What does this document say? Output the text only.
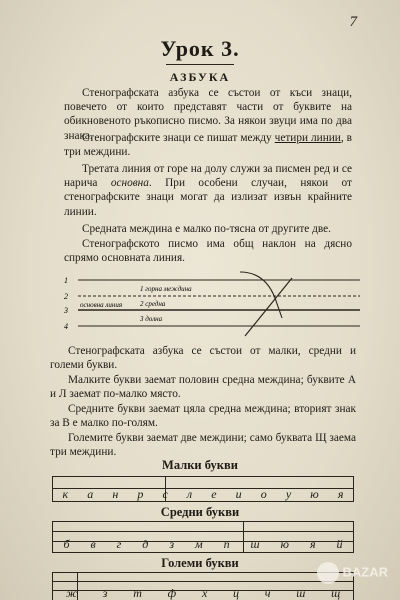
7
Урок 3.
АЗБУКА
Стенографската азбука се състои от къси знаци, повечето от които представят части от буквите на обикновеното ръкописно писмо. За някои звуци има по два знака.
Стенографските знаци се пишат между четири линии, в три междини.
Третата линия от горе на долу служи за писмен ред и се нарича основна. При особени случаи, някои от стенографските знаци могат да излизат извън крайните линии.
Средната междина е малко по-тясна от другите две.
Стенографското писмо има общ наклон на дясно спрямо основната линия.
1
2
3
4
1 горна междина
2 средна
3 долна
основна линия
Стенографската азбука се състои от малки, средни и големи букви.
Малките букви заемат половин средна междина; буквите А и Л заемат по-малко място.
Средните букви заемат цяла средна междина; вторият знак за В е малко по-голям.
Големите букви заемат две междини; само буквата Щ заема три междини.
Малки букви
к а н р с л е и о у ю я
Средни букви
б в г д з м п ш ю я й
Големи букви
ж з т ф х ц ч ш щ
BAZAR
